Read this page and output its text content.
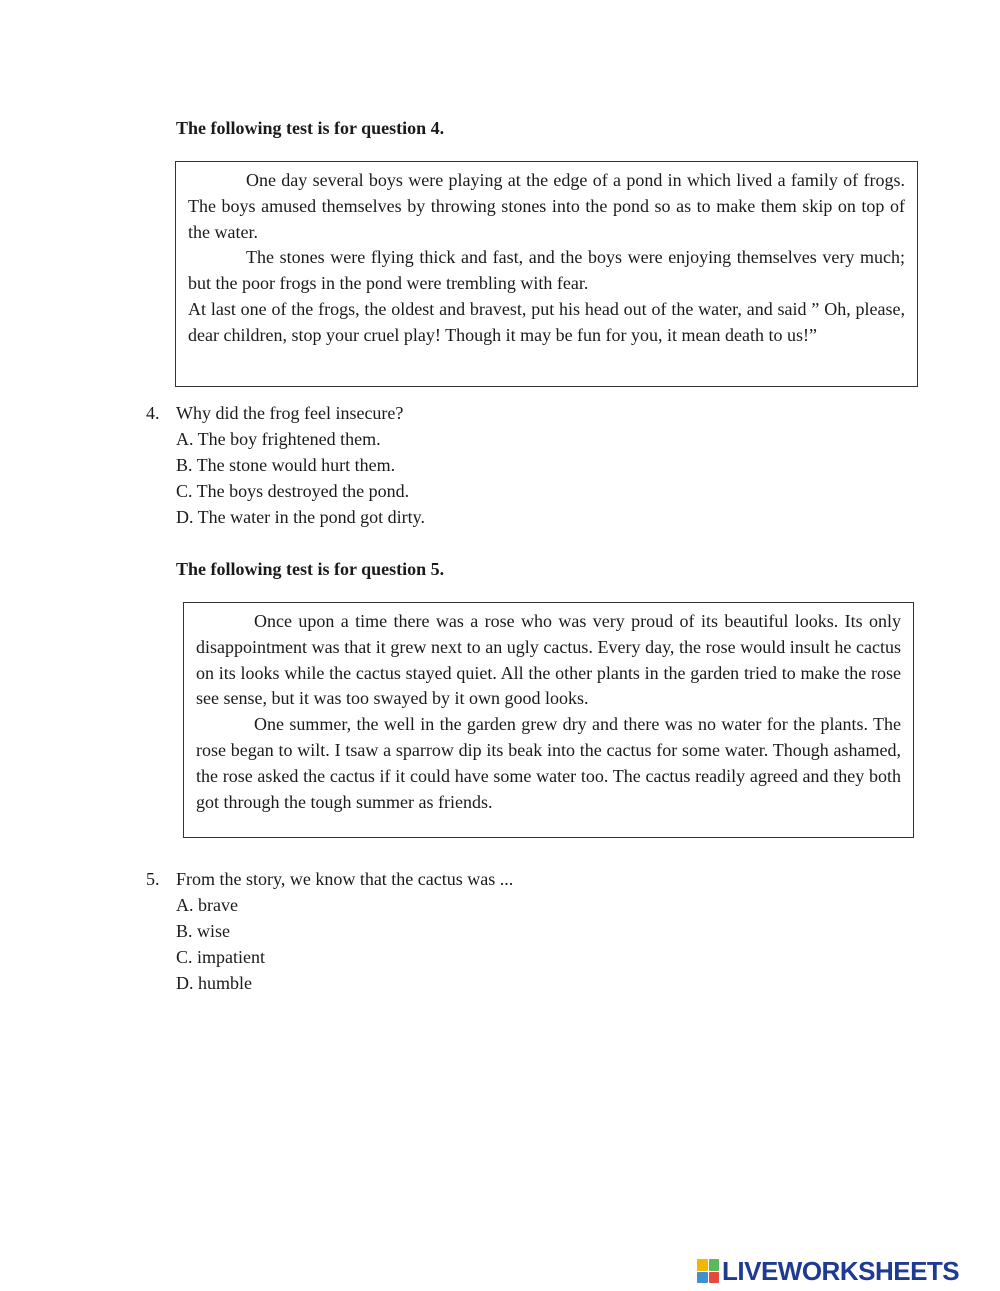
The following test is for question 4.

One day several boys were playing at the edge of a pond in which lived a family of frogs. The boys amused themselves by throwing stones into the pond so as to make them skip on top of the water.

The stones were flying thick and fast, and the boys were enjoying themselves very much; but the poor frogs in the pond were trembling with fear.

At last one of the frogs, the oldest and bravest, put his head out of the water, and said ” Oh, please, dear children, stop your cruel play! Though it may be fun for you, it mean death to us!”

4. Why did the frog feel insecure?
A. The boy frightened them.
B. The stone would hurt them.
C. The boys destroyed the pond.
D. The water in the pond got dirty.
The following test is for question 5.

Once upon a time there was a rose who was very proud of its beautiful looks. Its only disappointment was that it grew next to an ugly cactus. Every day, the rose would insult he cactus on its looks while the cactus stayed quiet. All the other plants in the garden tried to make the rose see sense, but it was too swayed by it own good looks.

One summer, the well in the garden grew dry and there was no water for the plants. The rose began to wilt. I tsaw a sparrow dip its beak into the cactus for some water. Though ashamed, the rose asked the cactus if it could have some water too. The cactus readily agreed and they both got through the tough summer as friends.

5. From the story, we know that the cactus was ...
A. brave
B. wise
C. impatient
D. humble
LIVEWORKSHEETS
